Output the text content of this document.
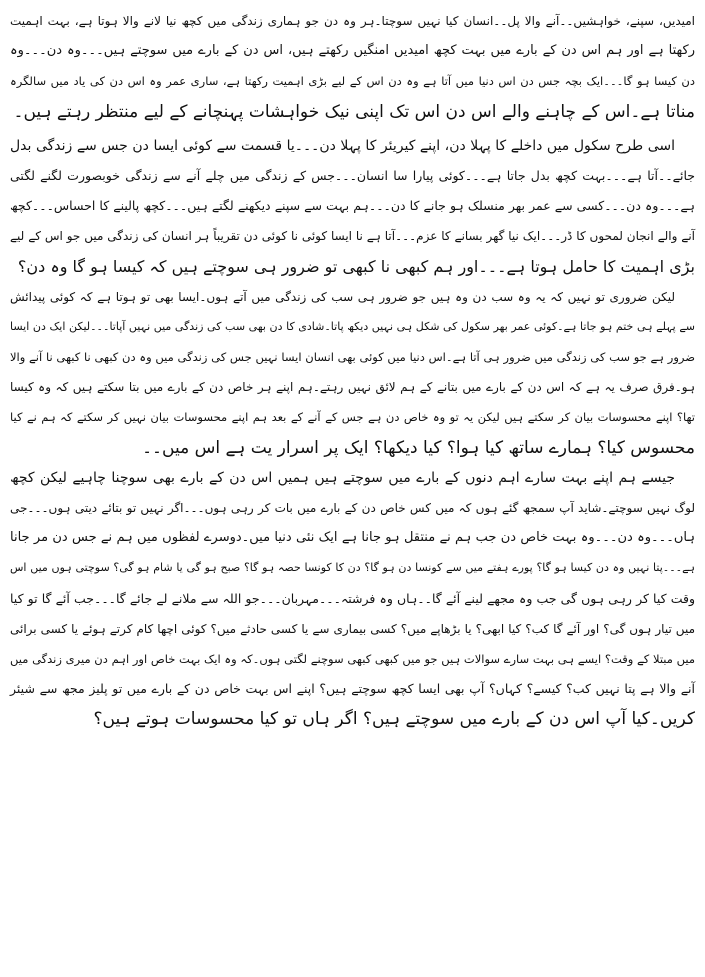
امیدیں، سپنے، خواہشیں۔۔آنے والا پل۔۔انسان کیا نہیں سوچتا۔ہر وہ دن جو ہماری زندگی میں کچھ نیا لانے والا ہوتا ہے، بہت اہمیت
رکھتا ہے اور ہم اس دن کے بارے میں بہت کچھ امیدیں امنگیں رکھتے ہیں، اس دن کے بارے میں سوچتے ہیں۔۔۔وہ دن۔۔۔وہ
دن کیسا ہو گا۔۔۔ایک بچہ جس دن اس دنیا میں آتا ہے وہ دن اس کے لیے بڑی اہمیت رکھتا ہے، ساری عمر وہ اس دن کی یاد میں سالگرہ
مناتا ہے۔اس کے چاہنے والے اس دن اس تک اپنی نیک خواہشات پہنچانے کے لیے منتظر رہتے ہیں۔
اسی طرح سکول میں داخلے کا پہلا دن، اپنے کیریئر کا پہلا دن۔۔۔یا قسمت سے کوئی ایسا دن جس سے زندگی بدل
جائے۔۔آتا ہے۔۔۔بہت کچھ بدل جاتا ہے۔۔۔کوئی پیارا سا انسان۔۔۔جس کے زندگی میں چلے آنے سے زندگی خوبصورت لگنے لگتی
ہے۔۔۔وہ دن۔۔۔کسی سے عمر بھر منسلک ہو جانے کا دن۔۔۔ہم بہت سے سپنے دیکھنے لگتے ہیں۔۔۔کچھ پالینے کا احساس۔۔۔کچھ
آنے والے انجان لمحوں کا ڈر۔۔۔ایک نیا گھر بسانے کا عزم۔۔۔آتا ہے نا ایسا کوئی نا کوئی دن تقریباً ہر انسان کی زندگی میں جو اس کے لیے
بڑی اہمیت کا حامل ہوتا ہے۔۔۔اور ہم کبھی نا کبھی تو ضرور ہی سوچتے ہیں کہ کیسا ہو گا وہ دن؟
لیکن ضروری تو نہیں کہ یہ وہ سب دن وہ ہیں جو ضرور ہی سب کی زندگی میں آتے ہوں۔ایسا بھی تو ہوتا ہے کہ کوئی پیدائش
سے پہلے ہی ختم ہو جاتا ہے۔کوئی عمر بھر سکول کی شکل ہی نہیں دیکھ پاتا۔شادی کا دن بھی سب کی زندگی میں نہیں آپاتا۔۔۔لیکن ایک دن ایسا
ضرور ہے جو سب کی زندگی میں ضرور ہی آتا ہے۔اس دنیا میں کوئی بھی انسان ایسا نہیں جس کی زندگی میں وہ دن کبھی نا کبھی نا آنے والا
ہو۔فرق صرف یہ ہے کہ اس دن کے بارے میں بتانے کے ہم لائق نہیں رہتے۔ہم اپنے ہر خاص دن کے بارے میں بتا سکتے ہیں کہ وہ کیسا
تھا؟ اپنے محسوسات بیان کر سکتے ہیں لیکن یہ تو وہ خاص دن ہے جس کے آنے کے بعد ہم اپنے محسوسات بیان نہیں کر سکتے کہ ہم نے کیا
محسوس کیا؟ ہمارے ساتھ کیا ہوا؟ کیا دیکھا؟ ایک پر اسرار یت ہے اس میں۔۔
جیسے ہم اپنے بہت سارے اہم دنوں کے بارے میں سوچتے ہیں ہمیں اس دن کے بارے بھی سوچنا چاہیے لیکن کچھ
لوگ نہیں سوچتے۔شاید آپ سمجھ گئے ہوں کہ میں کس خاص دن کے بارے میں بات کر رہی ہوں۔۔۔اگر نہیں تو بتائے دیتی ہوں۔۔۔جی
ہاں۔۔۔وہ دن۔۔۔وہ بہت خاص دن جب ہم نے منتقل ہو جانا ہے ایک نئی دنیا میں۔دوسرے لفظوں میں ہم نے جس دن مر جانا
ہے۔۔۔پتا نہیں وہ دن کیسا ہو گا؟ پورے ہفتے میں سے کونسا دن ہو گا؟ دن کا کونسا حصہ ہو گا؟ صبح ہو گی یا شام ہو گی؟ سوچتی ہوں میں اس
وقت کیا کر رہی ہوں گی جب وہ مجھے لینے آئے گا۔۔ہاں وہ فرشتہ۔۔۔مہربان۔۔۔جو اللہ سے ملانے لے جائے گا۔۔۔جب آئے گا تو کیا
میں تیار ہوں گی؟ اور آئے گا کب؟ کیا ابھی؟ یا بڑھاپے میں؟ کسی بیماری سے یا کسی حادثے میں؟ کوئی اچھا کام کرتے ہوئے یا کسی برائی
میں مبتلا کے وقت؟ ایسے ہی بہت سارے سوالات ہیں جو میں کبھی کبھی سوچنے لگتی ہوں۔کہ وہ ایک بہت خاص اور اہم دن میری زندگی میں
آنے والا ہے پتا نہیں کب؟ کیسے؟ کہاں؟ آپ بھی ایسا کچھ سوچتے ہیں؟ اپنے اس بہت خاص دن کے بارے میں تو پلیز مجھ سے شیئر
کریں۔کیا آپ اس دن کے بارے میں سوچتے ہیں؟ اگر ہاں تو کیا محسوسات ہوتے ہیں؟
